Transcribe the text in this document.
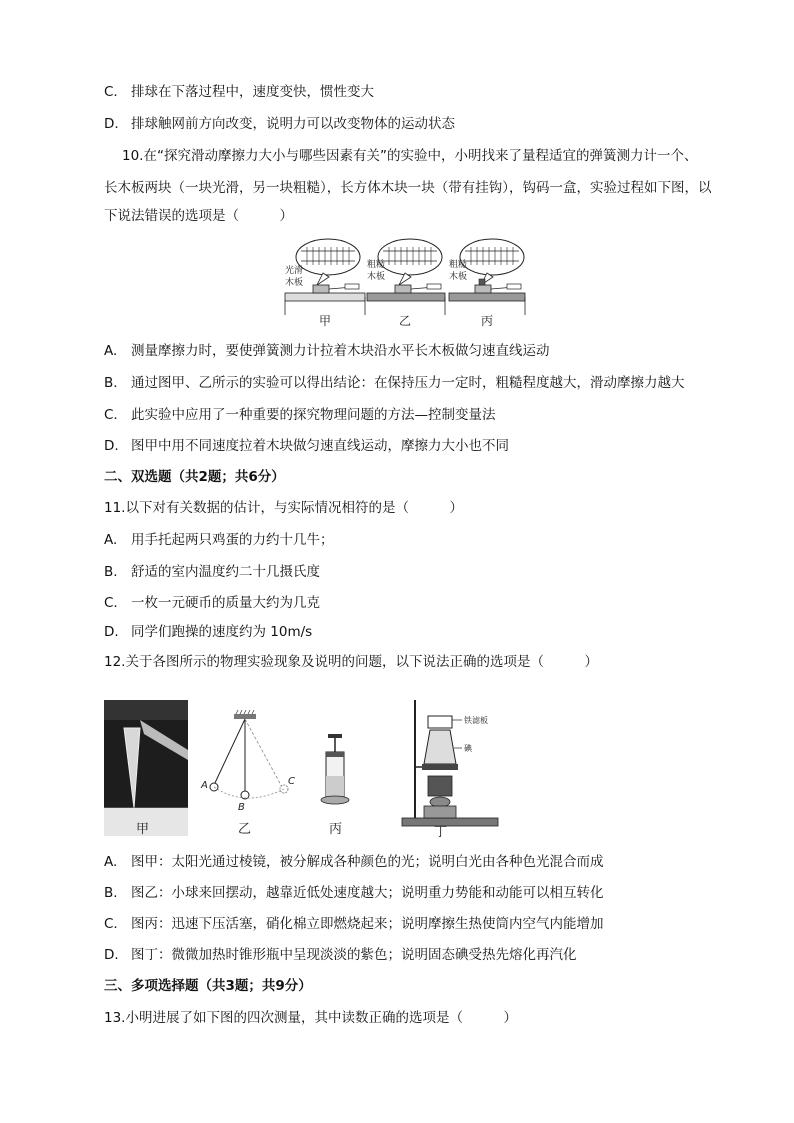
C. 排球在下落过程中，速度变快，惯性变大
D. 排球触网前方向改变，说明力可以改变物体的运动状态
10.在“探究滑动摩擦力大小与哪些因素有关”的实验中，小明找来了量程适宜的弹簧测力计一个、
长木板两块（一块光滑，另一块粗糙），长方体木块一块（带有挂钩），钩码一盒，实验过程如下图，以
下说法错误的选项是（　　　）
光滑
木板
甲
粗糙
木板
乙
粗糙
木板
丙
A. 测量摩擦力时，要使弹簧测力计拉着木块沿水平长木板做匀速直线运动
B. 通过图甲、乙所示的实验可以得出结论：在保持压力一定时，粗糙程度越大，滑动摩擦力越大
C. 此实验中应用了一种重要的探究物理问题的方法—控制变量法
D. 图甲中用不同速度拉着木块做匀速直线运动，摩擦力大小也不同
二、双选题（共2题；共6分）
11.以下对有关数据的估计，与实际情况相符的是（　　　）
A. 用手托起两只鸡蛋的力约十几牛；
B. 舒适的室内温度约二十几摄氏度
C. 一枚一元硬币的质量大约为几克
D. 同学们跑操的速度约为 10m/s
12.关于各图所示的物理实验现象及说明的问题，以下说法正确的选项是（　　　）
甲
A
B
C
乙	丙
铁滤板
碘
丁
A. 图甲：太阳光通过棱镜，被分解成各种颜色的光；说明白光由各种色光混合而成
B. 图乙：小球来回摆动，越靠近低处速度越大；说明重力势能和动能可以相互转化
C. 图丙：迅速下压活塞，硝化棉立即燃烧起来；说明摩擦生热使筒内空气内能增加
D. 图丁：微微加热时锥形瓶中呈现淡淡的紫色；说明固态碘受热先熔化再汽化
三、多项选择题（共3题；共9分）
13.小明进展了如下图的四次测量，其中读数正确的选项是（　　　）
